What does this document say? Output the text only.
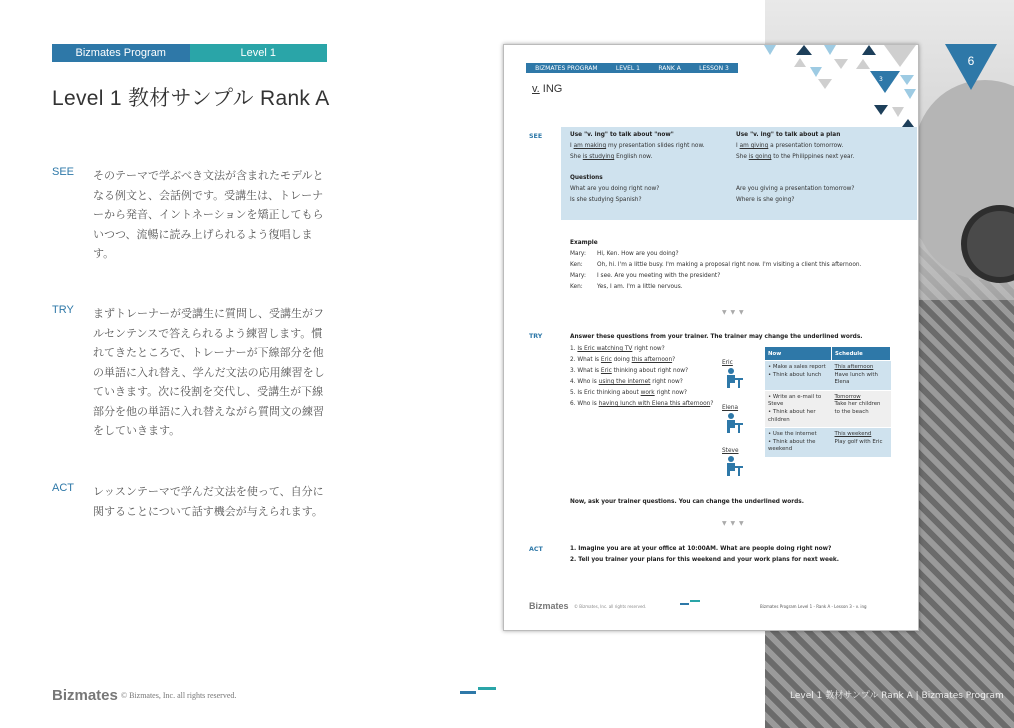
6
Bizmates Program	Level 1
Level 1 教材サンプル Rank A
SEE そのテーマで学ぶべき文法が含まれたモデルとなる例文と、会話例です。受講生は、トレーナーから発音、イントネーションを矯正してもらいつつ、流暢に読み上げられるよう復唱します。
TRY まずトレーナーが受講生に質問し、受講生がフルセンテンスで答えられるよう練習します。慣れてきたところで、トレーナーが下線部分を他の単語に入れ替え、学んだ文法の応用練習をしていきます。次に役割を交代し、受講生が下線部分を他の単語に入れ替えながら質問文の練習をしていきます。
ACT レッスンテーマで学んだ文法を使って、自分に関することについて話す機会が与えられます。
Bizmates © Bizmates, Inc. all rights reserved.	Level 1 教材サンプル Rank A | Bizmates Program
BIZMATES PROGRAM	LEVEL 1	RANK A	LESSON 3
v. ING
3
SEE	Use "v. ing" to talk about "now"
I am making my presentation slides right now.
She is studying English now.
Questions
What are you doing right now?
Is she studying Spanish?
Use "v. ing" to talk about a plan
I am giving a presentation tomorrow.
She is going to the Philippines next year.
Are you giving a presentation tomorrow?
Where is she going?
Example
Mary: Hi, Ken. How are you doing?
Ken: Oh, hi. I'm a little busy. I'm making a proposal right now. I'm visiting a client this afternoon.
Mary: I see. Are you meeting with the president?
Ken: Yes, I am. I'm a little nervous.
▼ ▼ ▼
TRY	Answer these questions from your trainer. The trainer may change the underlined words.
1. Is Eric watching TV right now?
2. What is Eric doing this afternoon?
3. What is Eric thinking about right now?
4. Who is using the internet right now?
5. Is Eric thinking about work right now?
6. Who is having lunch with Elena this afternoon?
Eric
Elena
Steve
Now	Schedule
• Make a sales report
• Think about lunch	This afternoon
Have lunch with Elena
• Write an e-mail to Steve
• Think about her children	Tomorrow
Take her children to the beach
• Use the internet
• Think about the weekend	This weekend
Play golf with Eric
Now, ask your trainer questions. You can change the underlined words.
▼ ▼ ▼
ACT	1. Imagine you are at your office at 10:00AM. What are people doing right now?
2. Tell you trainer your plans for this weekend and your work plans for next week.
Bizmates © Bizmates, Inc. all rights reserved.	Bizmates Program Level 1 - Rank A - Lesson 3 - v. ing
